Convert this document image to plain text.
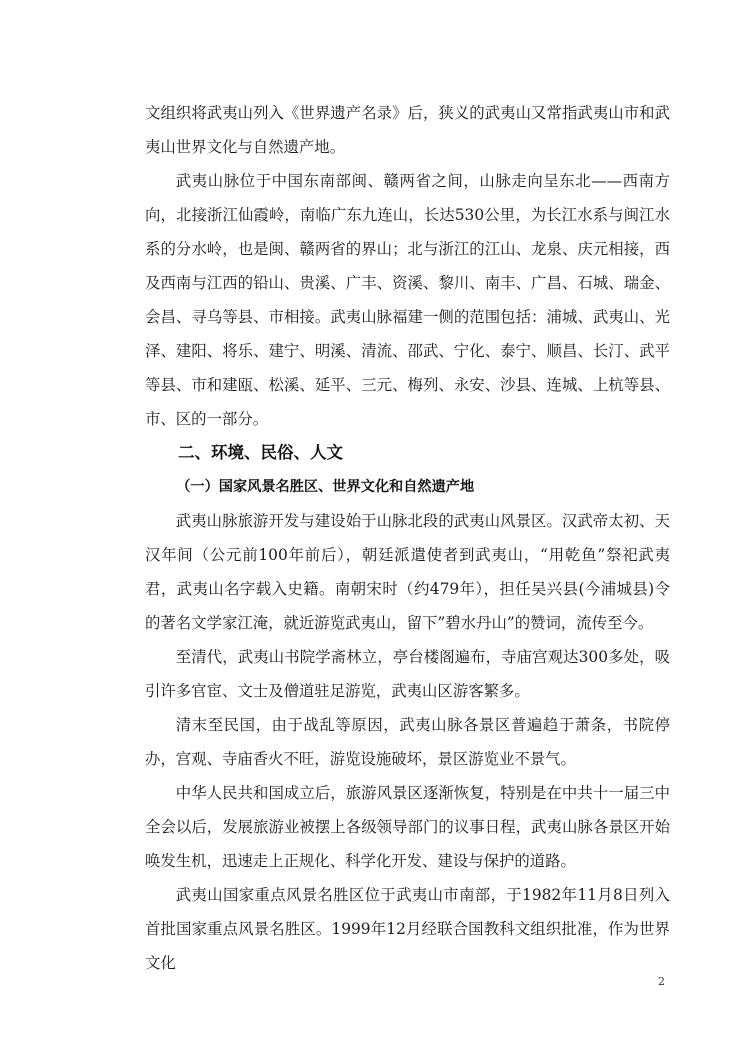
文组织将武夷山列入《世界遗产名录》后，狭义的武夷山又常指武夷山市和武夷山世界文化与自然遗产地。

武夷山脉位于中国东南部闽、赣两省之间，山脉走向呈东北——西南方向，北接浙江仙霞岭，南临广东九连山，长达530公里，为长江水系与闽江水系的分水岭，也是闽、赣两省的界山；北与浙江的江山、龙泉、庆元相接，西及西南与江西的铅山、贵溪、广丰、资溪、黎川、南丰、广昌、石城、瑞金、会昌、寻乌等县、市相接。武夷山脉福建一侧的范围包括：浦城、武夷山、光泽、建阳、将乐、建宁、明溪、清流、邵武、宁化、泰宁、顺昌、长汀、武平等县、市和建瓯、松溪、延平、三元、梅列、永安、沙县、连城、上杭等县、市、区的一部分。

二、环境、民俗、人文

（一）国家风景名胜区、世界文化和自然遗产地

武夷山脉旅游开发与建设始于山脉北段的武夷山风景区。汉武帝太初、天汉年间（公元前100年前后），朝廷派遣使者到武夷山，“用乾鱼”祭祀武夷君，武夷山名字载入史籍。南朝宋时（约479年），担任吴兴县(今浦城县)令的著名文学家江淹，就近游览武夷山，留下”碧水丹山”的赞词，流传至今。

至清代，武夷山书院学斋林立，亭台楼阁遍布，寺庙宫观达300多处，吸引许多官宦、文士及僧道驻足游览，武夷山区游客繁多。

清末至民国，由于战乱等原因，武夷山脉各景区普遍趋于萧条，书院停办，宫观、寺庙香火不旺，游览设施破坏，景区游览业不景气。

中华人民共和国成立后，旅游风景区逐渐恢复，特别是在中共十一届三中全会以后，发展旅游业被摆上各级领导部门的议事日程，武夷山脉各景区开始唤发生机，迅速走上正规化、科学化开发、建设与保护的道路。

武夷山国家重点风景名胜区位于武夷山市南部，于1982年11月8日列入首批国家重点风景名胜区。1999年12月经联合国教科文组织批准，作为世界文化

2
